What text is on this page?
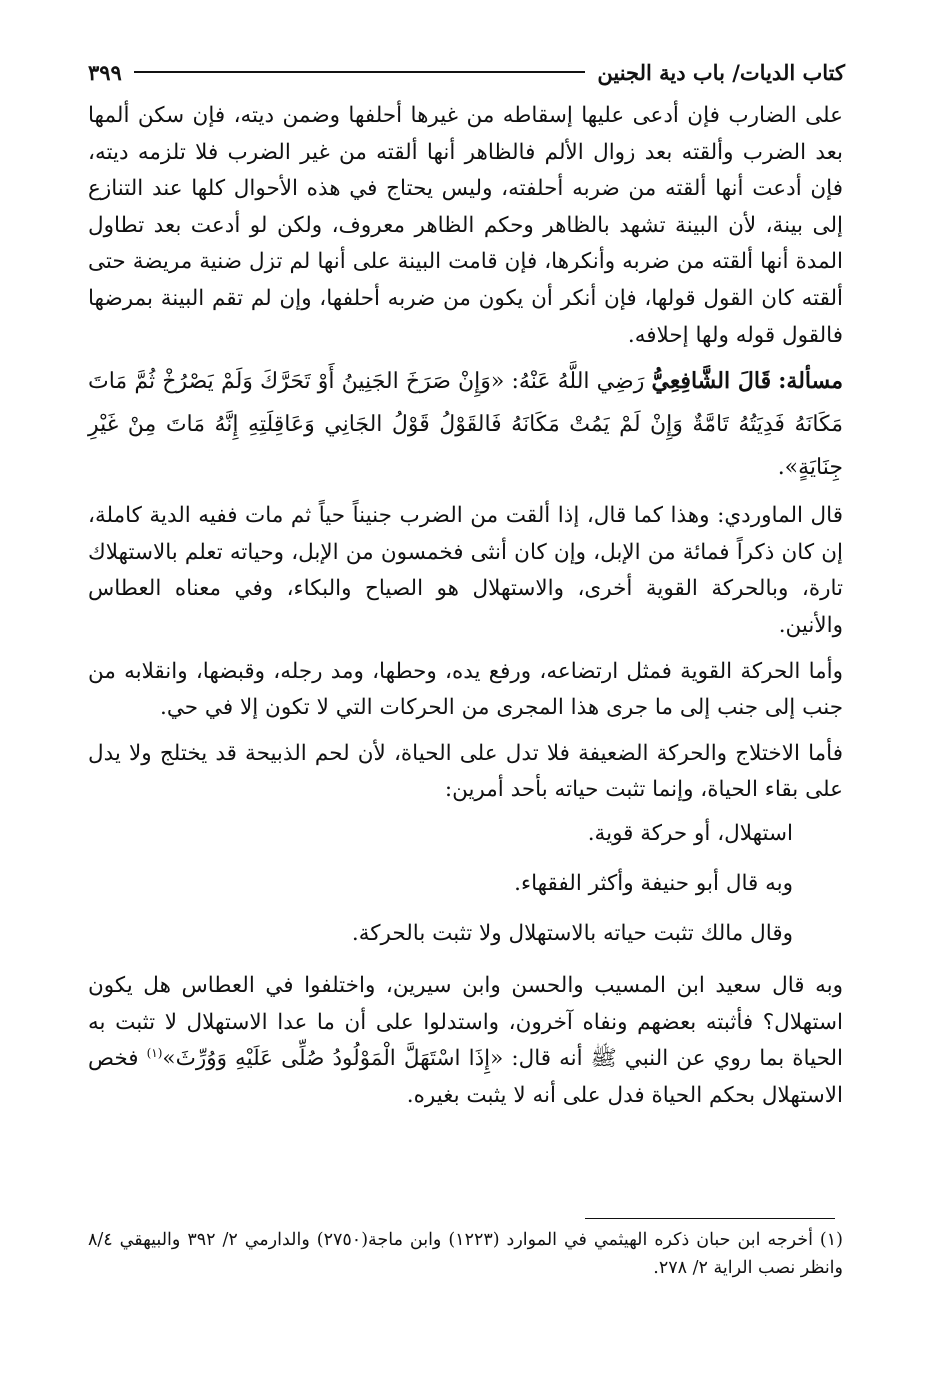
كتاب الديات/ باب دية الجنين
٣٩٩

على الضارب فإن أدعى عليها إسقاطه من غيرها أحلفها وضمن ديته، فإن سكن ألمها بعد الضرب وألقته بعد زوال الألم فالظاهر أنها ألقته من غير الضرب فلا تلزمه ديته، فإن أدعت أنها ألقته من ضربه أحلفته، وليس يحتاج في هذه الأحوال كلها عند التنازع إلى بينة، لأن البينة تشهد بالظاهر وحكم الظاهر معروف، ولكن لو أدعت بعد تطاول المدة أنها ألقته من ضربه وأنكرها، فإن قامت البينة على أنها لم تزل ضنية مريضة حتى ألقته كان القول قولها، فإن أنكر أن يكون من ضربه أحلفها، وإن لم تقم البينة بمرضها فالقول قوله ولها إحلافه.

مسألة: قَالَ الشَّافِعِيُّ رَضِي اللَّهُ عَنْهُ: «وَإِنْ صَرَخَ الجَنِينُ أَوْ تَحَرَّكَ وَلَمْ يَصْرُخْ ثُمَّ مَاتَ مَكَانَهُ فَدِيَتُهُ تَامَّةٌ وَإِنْ لَمْ يَمُتْ مَكَانَهُ فَالقَوْلُ قَوْلُ الجَانِي وَعَاقِلَتِهِ إِنَّهُ مَاتَ مِنْ غَيْرِ جِنَايَةٍ».

قال الماوردي: وهذا كما قال، إذا ألقت من الضرب جنيناً حياً ثم مات ففيه الدية كاملة، إن كان ذكراً فمائة من الإبل، وإن كان أنثى فخمسون من الإبل، وحياته تعلم بالاستهلاك تارة، وبالحركة القوية أخرى، والاستهلال هو الصياح والبكاء، وفي معناه العطاس والأنين.

وأما الحركة القوية فمثل ارتضاعه، ورفع يده، وحطها، ومد رجله، وقبضها، وانقلابه من جنب إلى جنب إلى ما جرى هذا المجرى من الحركات التي لا تكون إلا في حي.

فأما الاختلاج والحركة الضعيفة فلا تدل على الحياة، لأن لحم الذبيحة قد يختلج ولا يدل على بقاء الحياة، وإنما تثبت حياته بأحد أمرين:

استهلال، أو حركة قوية.

وبه قال أبو حنيفة وأكثر الفقهاء.

وقال مالك تثبت حياته بالاستهلال ولا تثبت بالحركة.

وبه قال سعيد ابن المسيب والحسن وابن سيرين، واختلفوا في العطاس هل يكون استهلال؟ فأثبته بعضهم ونفاه آخرون، واستدلوا على أن ما عدا الاستهلال لا تثبت به الحياة بما روي عن النبي ﷺ أنه قال: «إِذَا اسْتَهَلَّ الْمَوْلُودُ صُلِّى عَلَيْهِ وَوُرِّثَ»$^{(١)}$ فخص الاستهلال بحكم الحياة فدل على أنه لا يثبت بغيره.

(١) أخرجه ابن حبان ذكره الهيثمي في الموارد (١٢٢٣) وابن ماجة(٢٧٥٠) والدارمي ٢/ ٣٩٢ والبيهقي ٨/٤ وانظر نصب الراية ٢/ ٢٧٨.
